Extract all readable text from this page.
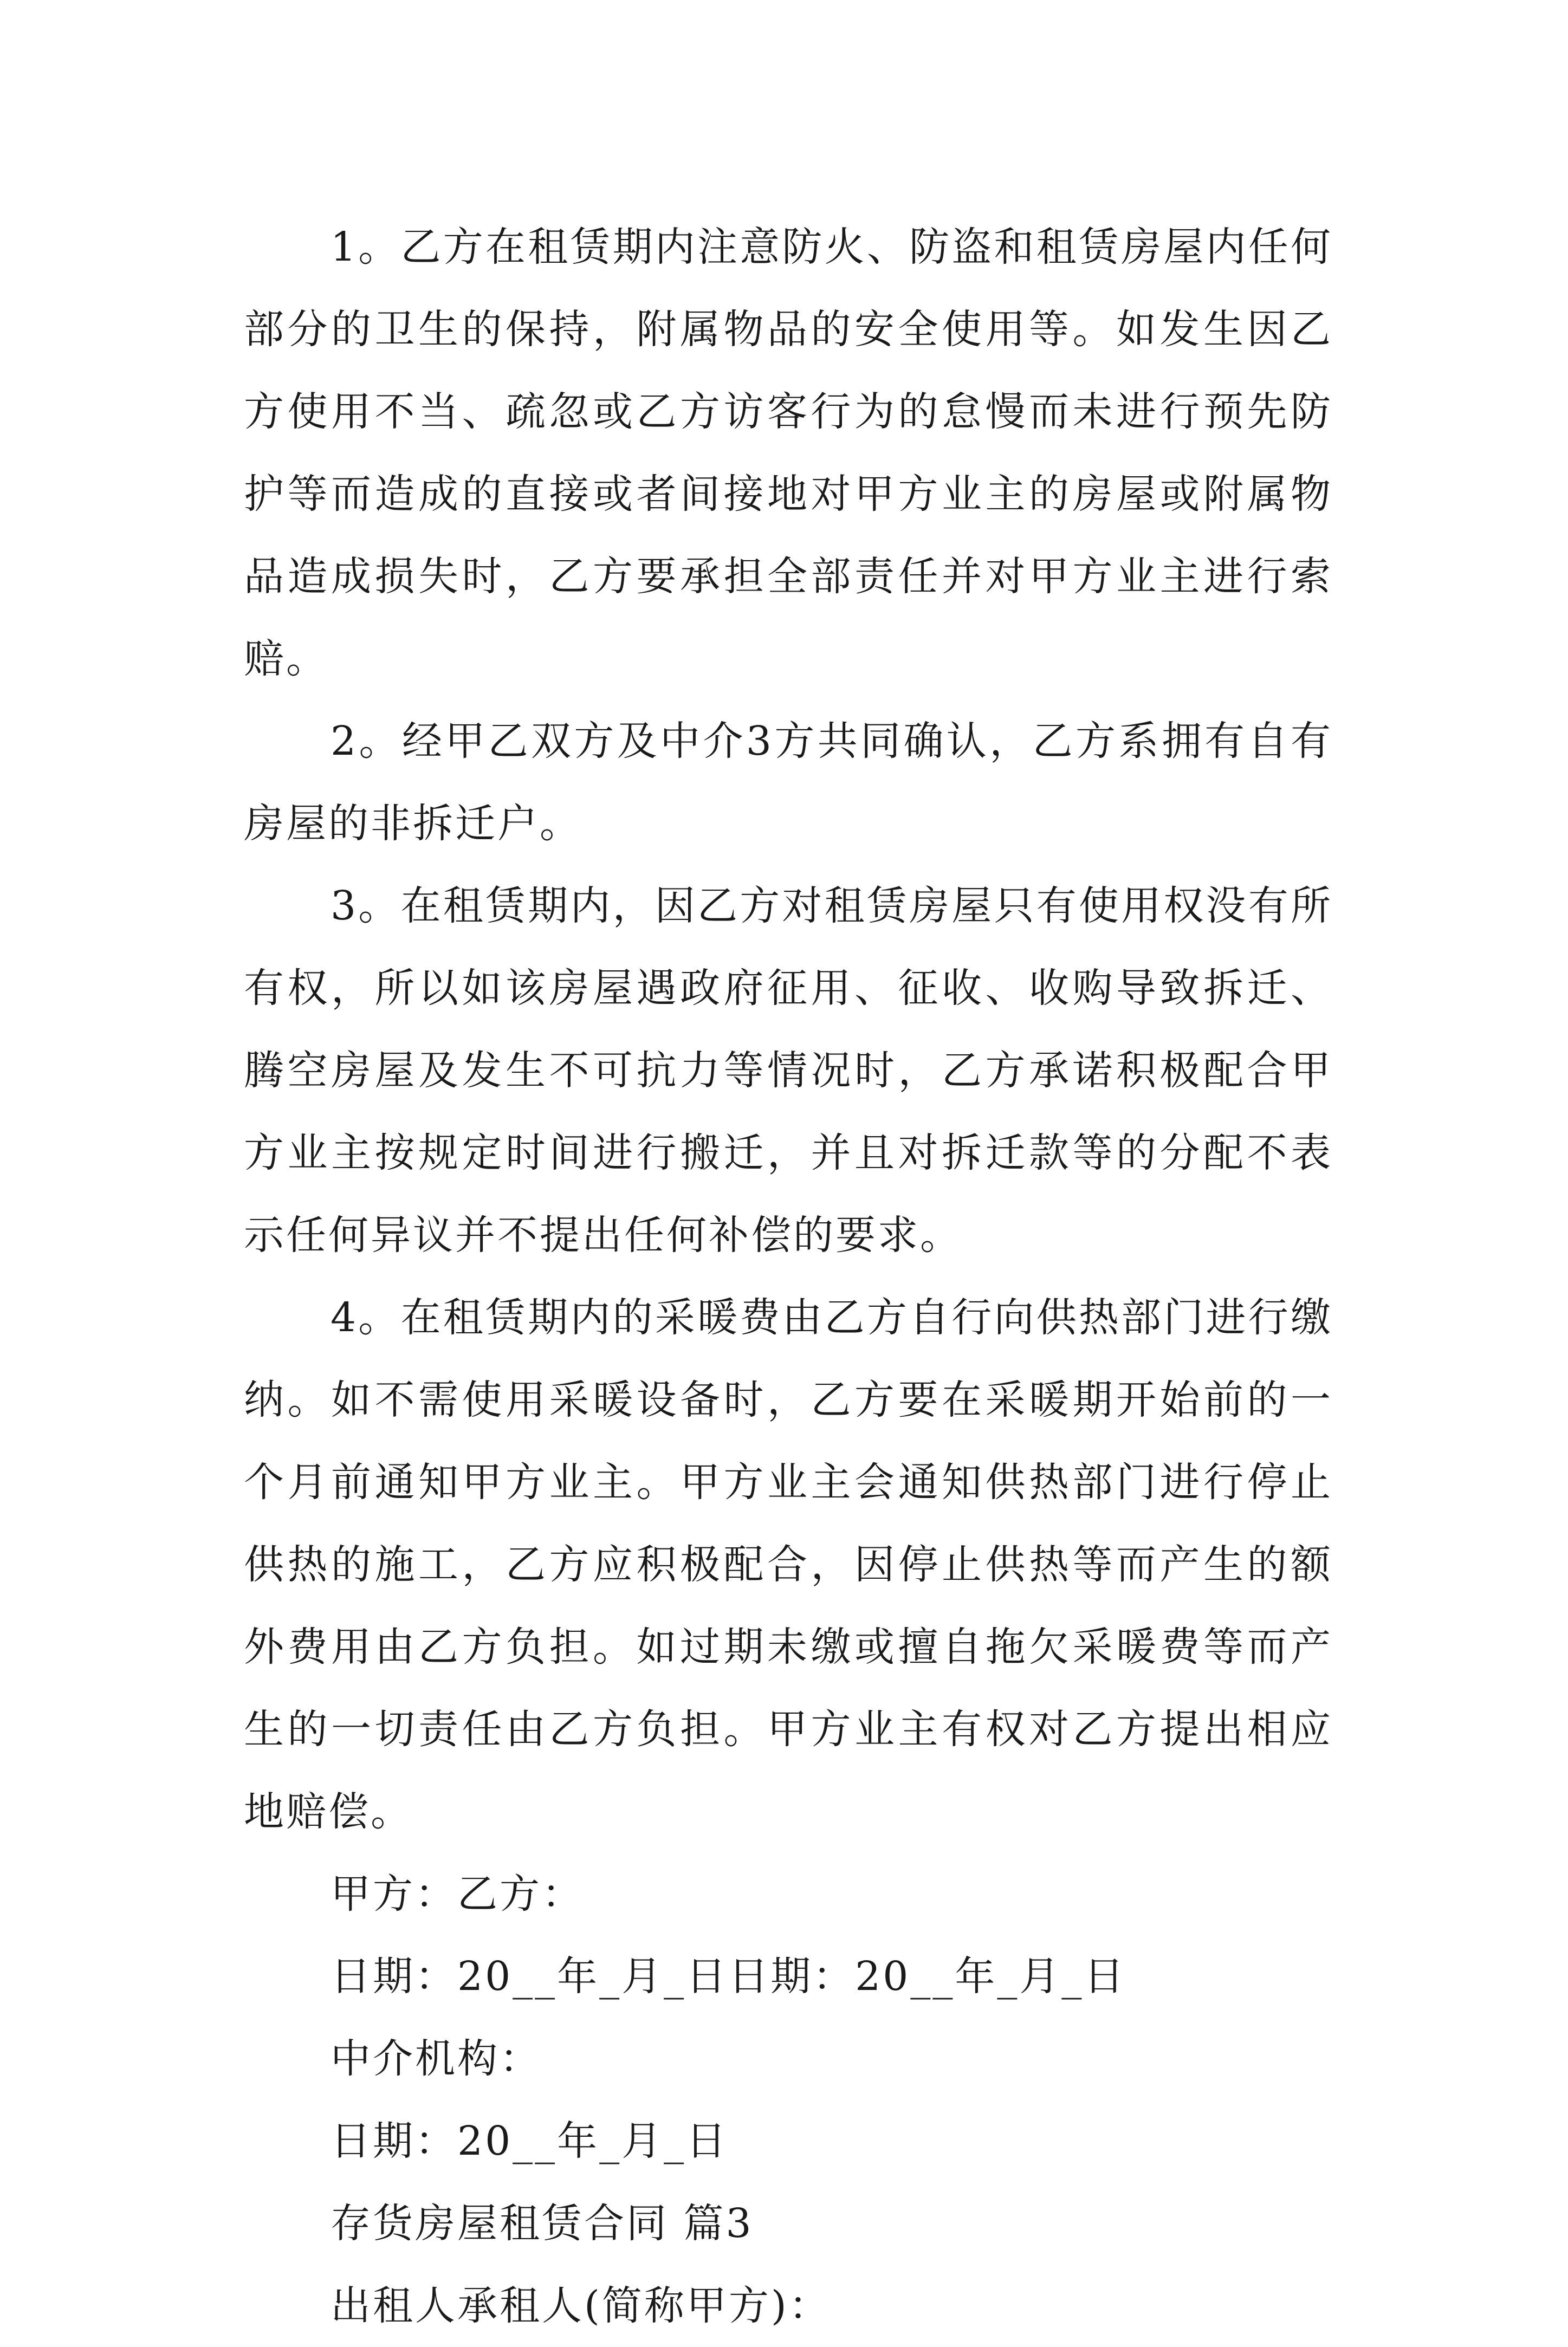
1。乙方在租赁期内注意防火、防盗和租赁房屋内任何部分的卫生的保持，附属物品的安全使用等。如发生因乙方使用不当、疏忽或乙方访客行为的怠慢而未进行预先防护等而造成的直接或者间接地对甲方业主的房屋或附属物品造成损失时，乙方要承担全部责任并对甲方业主进行索赔。

2。经甲乙双方及中介3方共同确认，乙方系拥有自有房屋的非拆迁户。

3。在租赁期内，因乙方对租赁房屋只有使用权没有所有权，所以如该房屋遇政府征用、征收、收购导致拆迁、腾空房屋及发生不可抗力等情况时，乙方承诺积极配合甲方业主按规定时间进行搬迁，并且对拆迁款等的分配不表示任何异议并不提出任何补偿的要求。

4。在租赁期内的采暖费由乙方自行向供热部门进行缴纳。如不需使用采暖设备时，乙方要在采暖期开始前的一个月前通知甲方业主。甲方业主会通知供热部门进行停止供热的施工，乙方应积极配合，因停止供热等而产生的额外费用由乙方负担。如过期未缴或擅自拖欠采暖费等而产生的一切责任由乙方负担。甲方业主有权对乙方提出相应地赔偿。

甲方：乙方：

日期：20__年_月_日日期：20__年_月_日

中介机构：

日期：20__年_月_日

存货房屋租赁合同 篇3

出租人承租人(简称甲方)：
